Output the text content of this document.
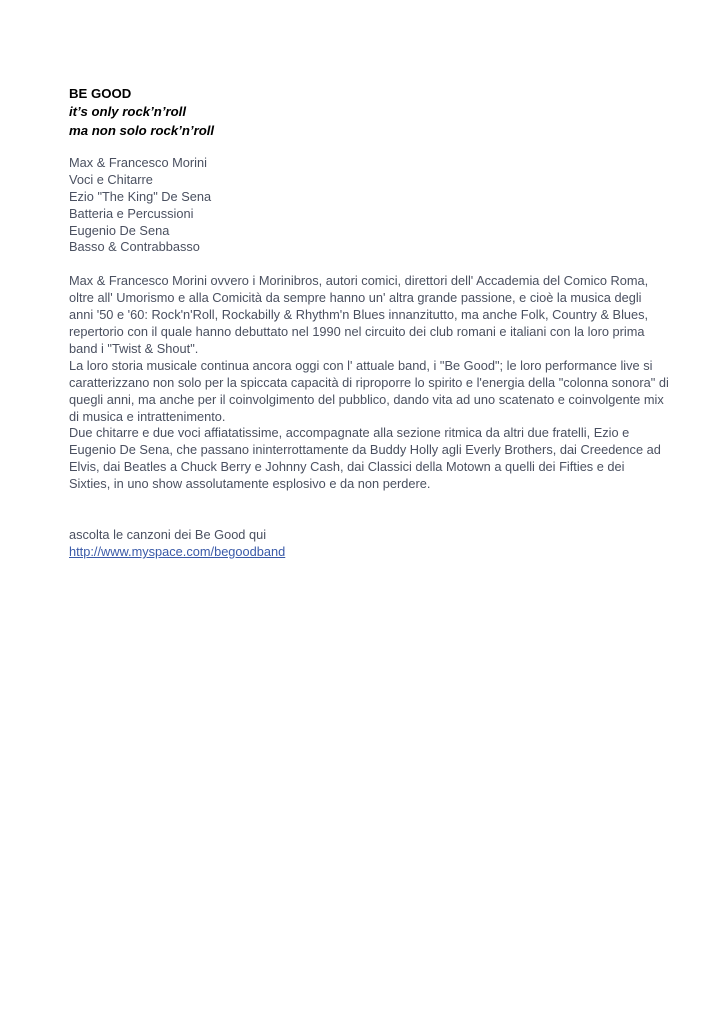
BE GOOD
it’s only rock’n’roll
ma non solo rock’n’roll
Max & Francesco Morini
Voci e Chitarre
Ezio "The King" De Sena
Batteria e Percussioni
Eugenio De Sena
Basso & Contrabbasso

Max & Francesco Morini ovvero i Morinibros, autori comici, direttori dell' Accademia del Comico Roma, oltre all' Umorismo e alla Comicità da sempre hanno un' altra grande passione, e cioè la musica degli anni '50 e '60: Rock'n'Roll, Rockabilly & Rhythm'n Blues innanzitutto, ma anche Folk, Country & Blues, repertorio con il quale hanno debuttato nel 1990 nel circuito dei club romani e italiani con la loro prima band i "Twist & Shout".

La loro storia musicale continua ancora oggi con l' attuale band, i "Be Good"; le loro performance live si caratterizzano non solo per la spiccata capacità di riproporre lo spirito e l'energia della "colonna sonora" di quegli anni, ma anche per il coinvolgimento del pubblico, dando vita ad uno scatenato e coinvolgente mix di musica e intrattenimento.

Due chitarre e due voci affiatatissime, accompagnate alla sezione ritmica da altri due fratelli, Ezio e Eugenio De Sena, che passano ininterrottamente da Buddy Holly agli Everly Brothers, dai Creedence ad Elvis, dai Beatles a Chuck Berry e Johnny Cash, dai Classici della Motown a quelli dei Fifties e dei Sixties, in uno show assolutamente esplosivo e da non perdere.

ascolta le canzoni dei Be Good qui
http://www.myspace.com/begoodband
